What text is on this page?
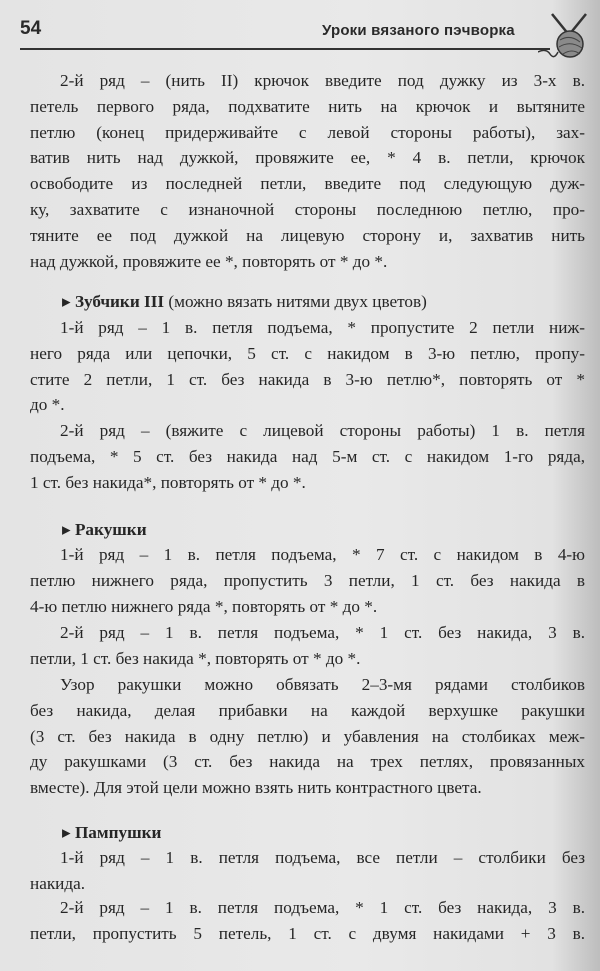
54	Уроки вязаного пэчворка
2-й ряд – (нить II) крючок введите под дужку из 3-х в.
петель первого ряда, подхватите нить на крючок и вытяните
петлю (конец придерживайте с левой стороны работы), зах-
ватив нить над дужкой, провяжите ее, * 4 в. петли, крючок
освободите из последней петли, введите под следующую дуж-
ку, захватите с изнаночной стороны последнюю петлю, про-
тяните ее под дужкой на лицевую сторону и, захватив нить
над дужкой, провяжите ее *, повторять от * до *.
▸ Зубчики III (можно вязать нитями двух цветов)
1-й ряд – 1 в. петля подъема, * пропустите 2 петли ниж-
него ряда или цепочки, 5 ст. с накидом в 3-ю петлю, пропу-
стите 2 петли, 1 ст. без накида в 3-ю петлю*, повторять от *
до *.
2-й ряд – (вяжите с лицевой стороны работы) 1 в. петля
подъема, * 5 ст. без накида над 5-м ст. с накидом 1-го ряда,
1 ст. без накида*, повторять от * до *.
▸ Ракушки
1-й ряд – 1 в. петля подъема, * 7 ст. с накидом в 4-ю
петлю нижнего ряда, пропустить 3 петли, 1 ст. без накида в
4-ю петлю нижнего ряда *, повторять от * до *.
2-й ряд – 1 в. петля подъема, * 1 ст. без накида, 3 в.
петли, 1 ст. без накида *, повторять от * до *.
Узор ракушки можно обвязать 2–3-мя рядами столбиков
без накида, делая прибавки на каждой верхушке ракушки
(3 ст. без накида в одну петлю) и убавления на столбиках меж-
ду ракушками (3 ст. без накида на трех петлях, провязанных
вместе). Для этой цели можно взять нить контрастного цвета.
▸ Пампушки
1-й ряд – 1 в. петля подъема, все петли – столбики без
накида.
2-й ряд – 1 в. петля подъема, * 1 ст. без накида, 3 в.
петли, пропустить 5 петель, 1 ст. с двумя накидами + 3 в.
